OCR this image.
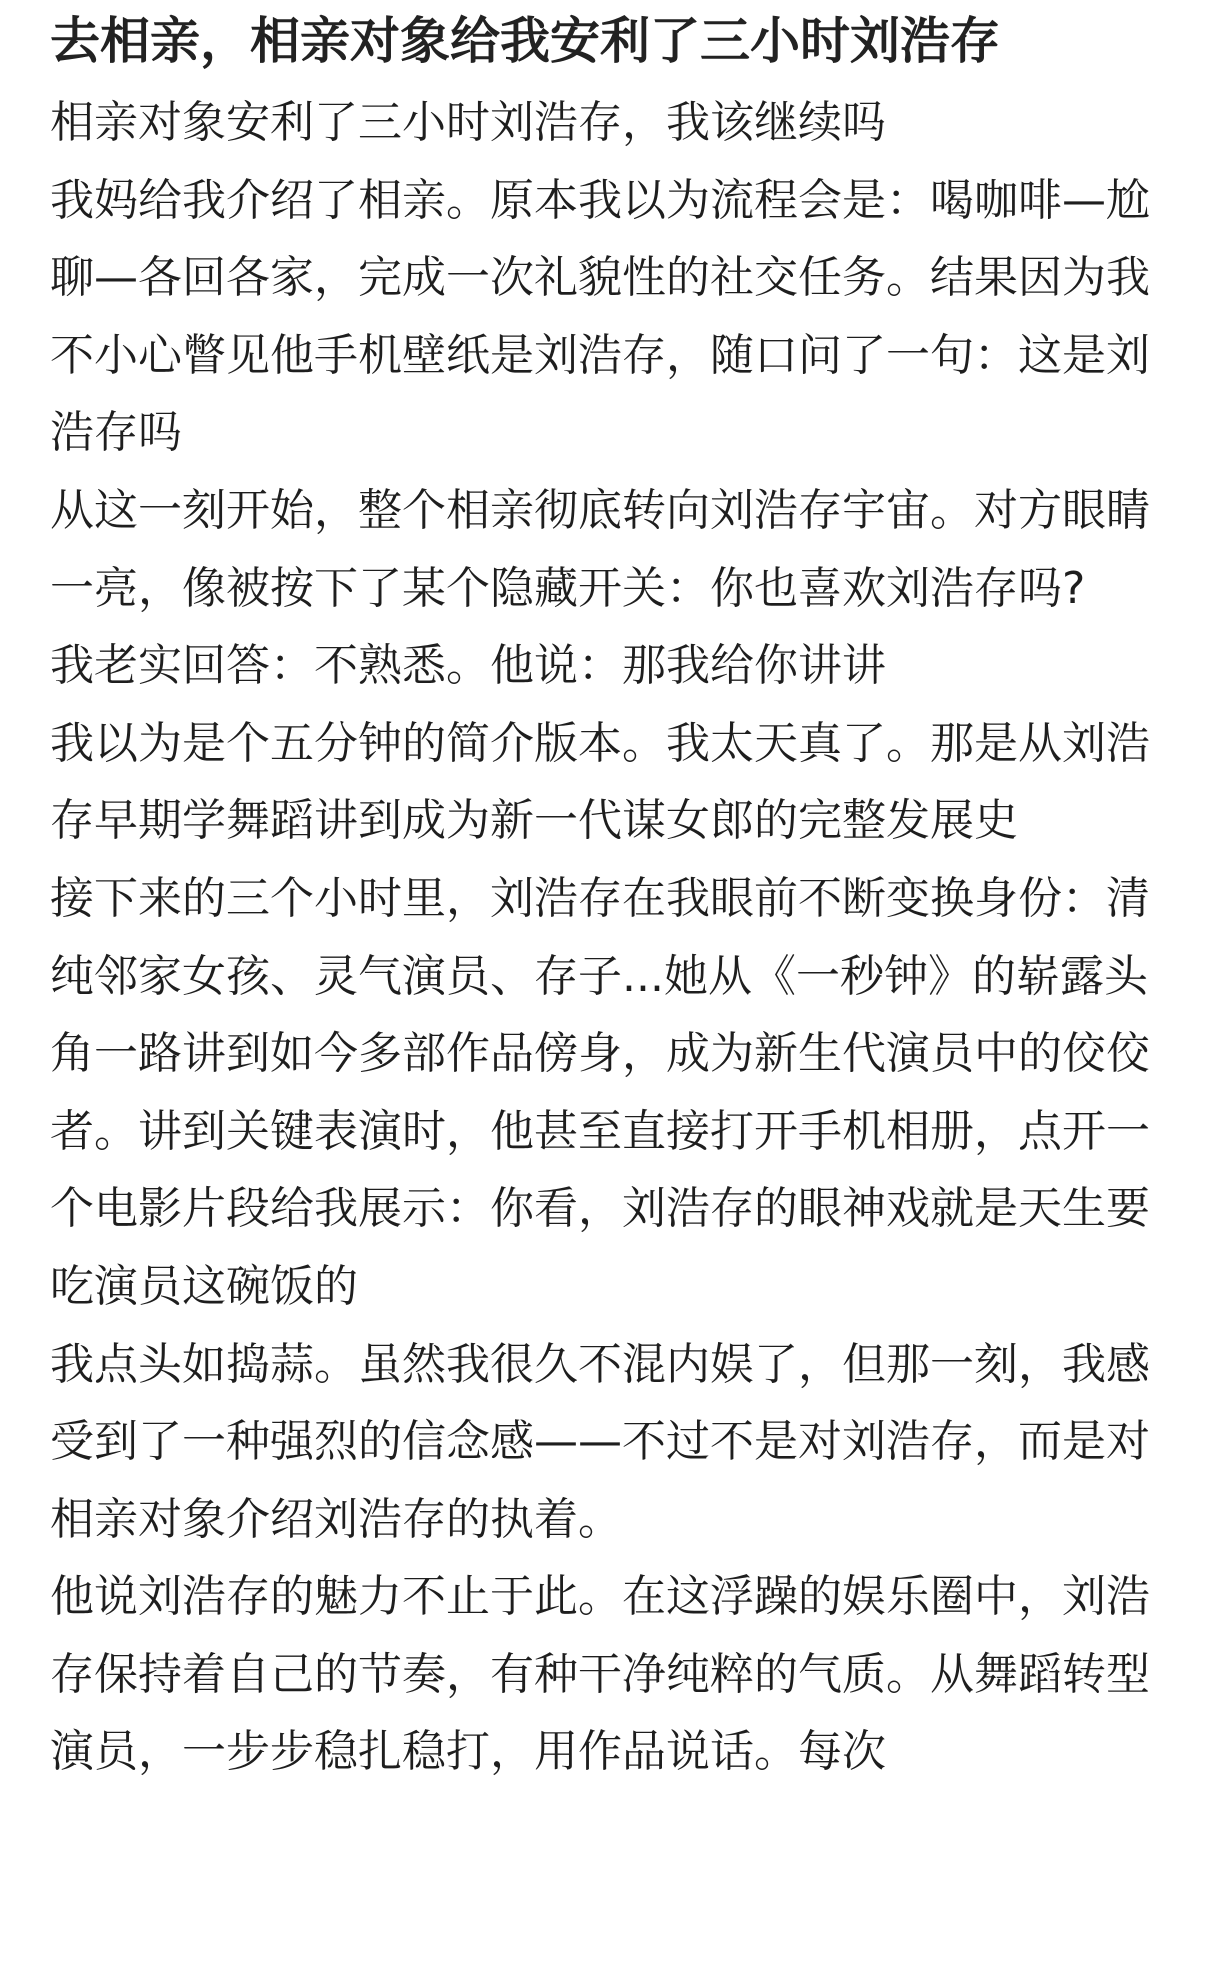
去相亲，相亲对象给我安利了三小时刘浩存

相亲对象安利了三小时刘浩存，我该继续吗

我妈给我介绍了相亲。原本我以为流程会是：喝咖啡—尬聊—各回各家，完成一次礼貌性的社交任务。结果因为我不小心瞥见他手机壁纸是刘浩存，随口问了一句：这是刘浩存吗

从这一刻开始，整个相亲彻底转向刘浩存宇宙。对方眼睛一亮，像被按下了某个隐藏开关：你也喜欢刘浩存吗?

我老实回答：不熟悉。他说：那我给你讲讲

我以为是个五分钟的简介版本。我太天真了。那是从刘浩存早期学舞蹈讲到成为新一代谋女郎的完整发展史

接下来的三个小时里，刘浩存在我眼前不断变换身份：清纯邻家女孩、灵气演员、存子...她从《一秒钟》的崭露头角一路讲到如今多部作品傍身，成为新生代演员中的佼佼者。讲到关键表演时，他甚至直接打开手机相册，点开一个电影片段给我展示：你看，刘浩存的眼神戏就是天生要吃演员这碗饭的

我点头如捣蒜。虽然我很久不混内娱了，但那一刻，我感受到了一种强烈的信念感——不过不是对刘浩存，而是对相亲对象介绍刘浩存的执着。

他说刘浩存的魅力不止于此。在这浮躁的娱乐圈中，刘浩存保持着自己的节奏，有种干净纯粹的气质。从舞蹈转型演员，一步步稳扎稳打，用作品说话。每次
